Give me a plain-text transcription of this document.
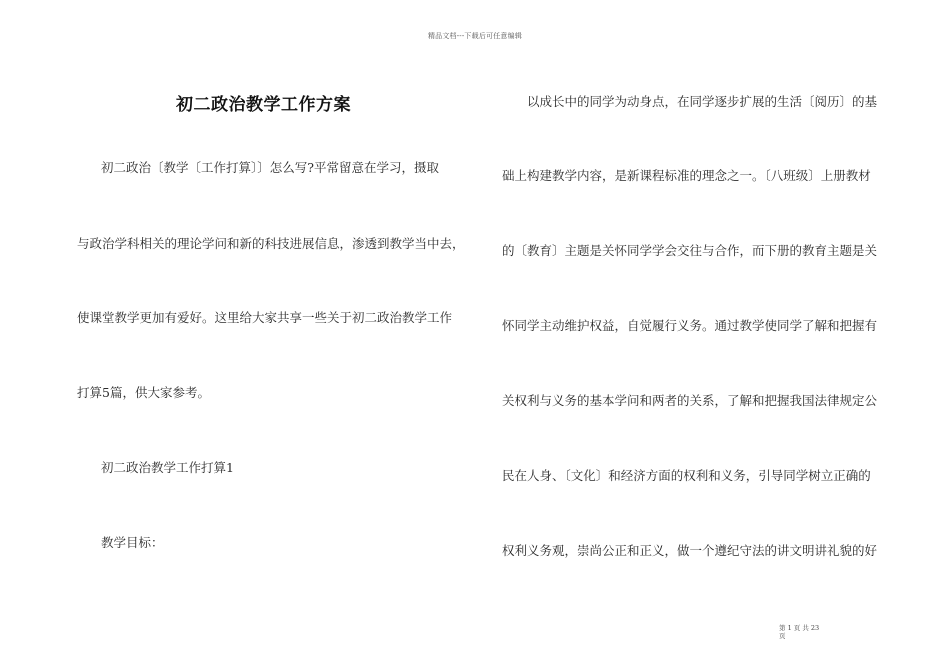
精品文档---下载后可任意编辑
初二政治教学工作方案
初二政治〔教学〔工作打算〕〕怎么写?平常留意在学习，摄取
与政治学科相关的理论学问和新的科技进展信息，渗透到教学当中去，
使课堂教学更加有爱好。这里给大家共享一些关于初二政治教学工作
打算5篇，供大家参考。
初二政治教学工作打算1
教学目标：
以成长中的同学为动身点，在同学逐步扩展的生活〔阅历〕的基
础上构建教学内容，是新课程标准的理念之一。〔八班级〕上册教材
的〔教育〕主题是关怀同学学会交往与合作，而下册的教育主题是关
怀同学主动维护权益，自觉履行义务。通过教学使同学了解和把握有
关权利与义务的基本学问和两者的关系，了解和把握我国法律规定公
民在人身、〔文化〕和经济方面的权利和义务，引导同学树立正确的
权利义务观，崇尚公正和正义，做一个遵纪守法的讲文明讲礼貌的好
第 1 页 共 23
页
